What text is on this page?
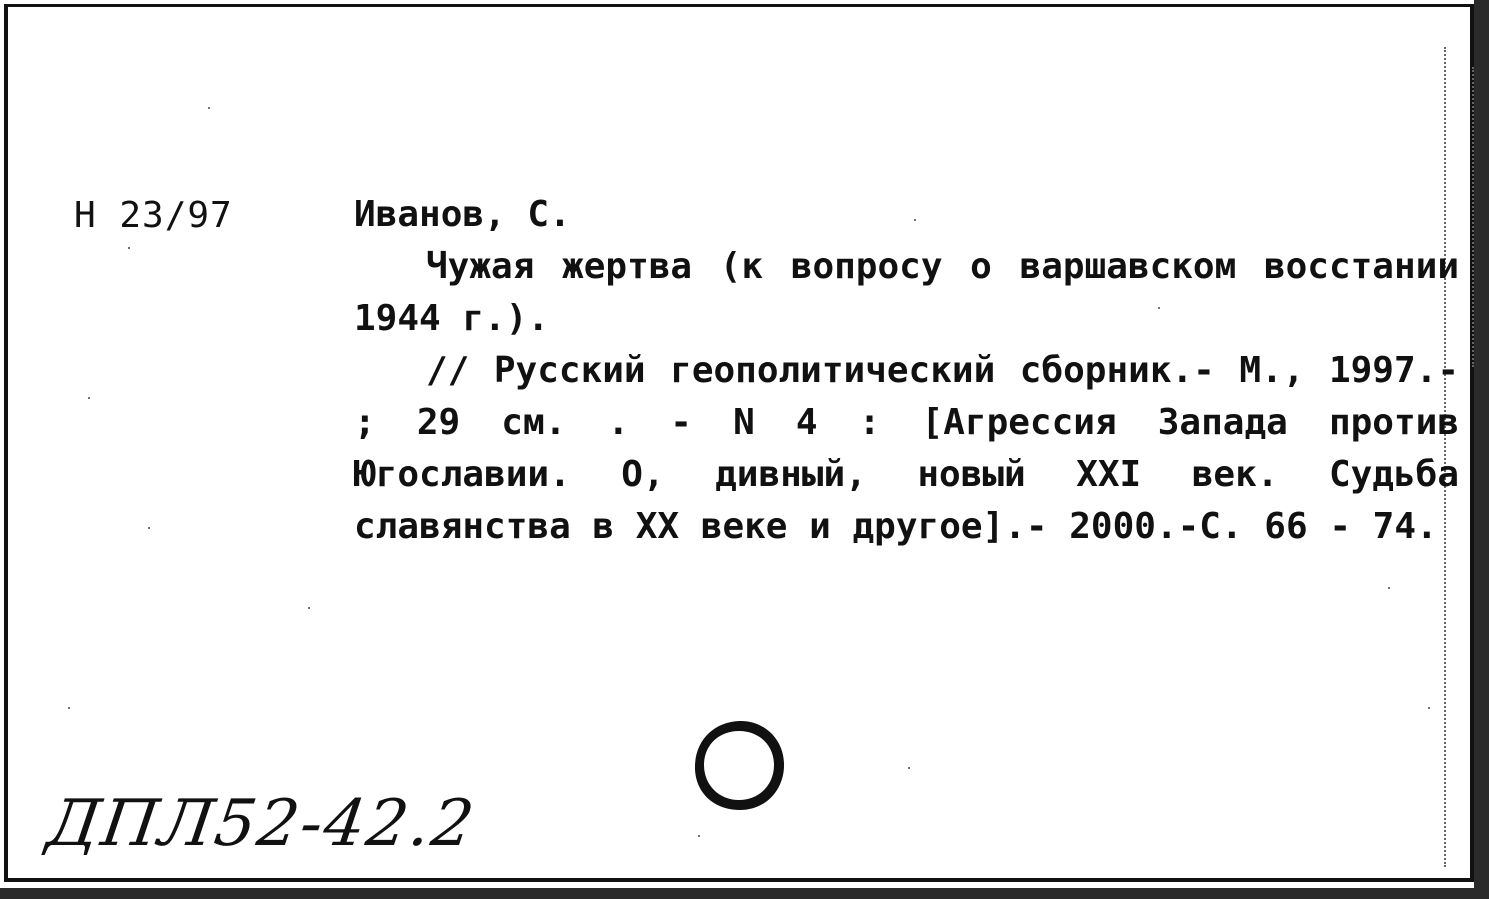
Н 23/97	Иванов, С.
Чужая жертва (к вопросу о варшавском восстании 1944 г.).
// Русский геополитический сборник.- М., 1997.- ; 29 см. . - N 4 : [Агрессия Запада против Югославии. О, дивный, новый XXI век. Судьба славянства в XX веке и другое].- 2000.-С. 66 - 74.
ДПЛ52-42.2
